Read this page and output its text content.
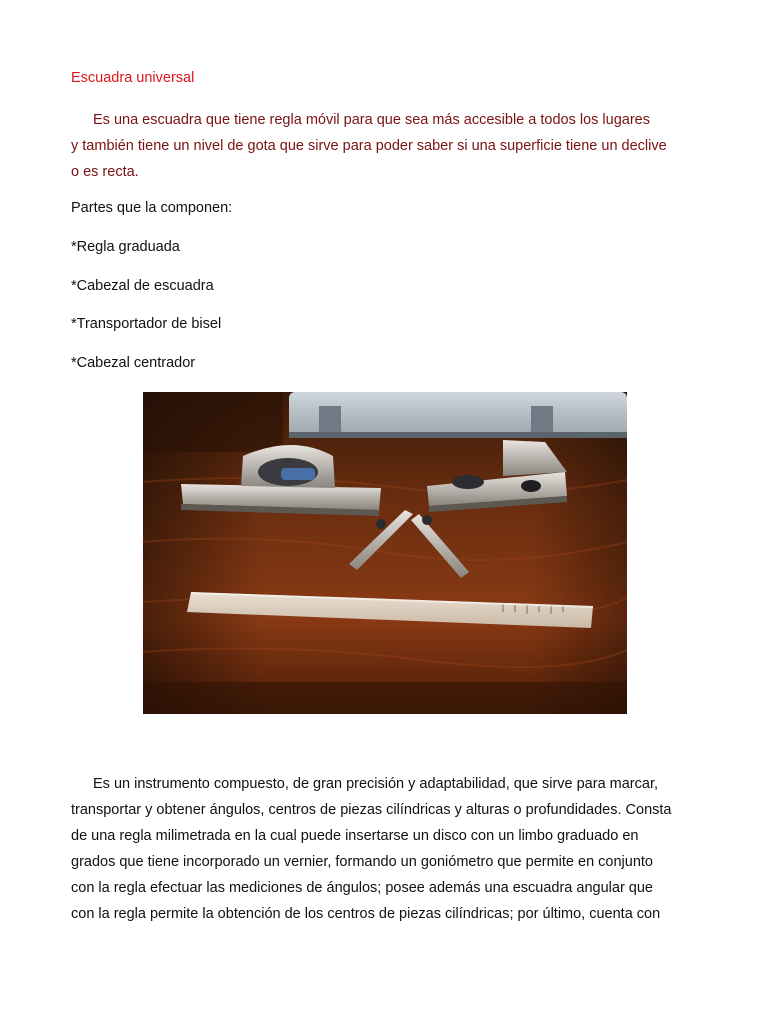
Escuadra universal

Es una escuadra que tiene regla móvil para que sea más accesible a todos los lugares

y también tiene un nivel de gota que sirve para poder saber si una superficie tiene un declive

o es recta.

Partes que la componen:
*Regla graduada
*Cabezal de escuadra
*Transportador de bisel
*Cabezal centrador

Es un instrumento compuesto, de gran precisión y adaptabilidad, que sirve para marcar,

transportar y obtener ángulos, centros de piezas cilíndricas y alturas o profundidades. Consta

de una regla milimetrada en la cual puede insertarse un disco con un limbo graduado en

grados que tiene incorporado un vernier, formando un goniómetro que permite en conjunto

con la regla efectuar las mediciones de ángulos; posee además una escuadra angular que

con la regla permite la obtención de los centros de piezas cilíndricas; por último, cuenta con
